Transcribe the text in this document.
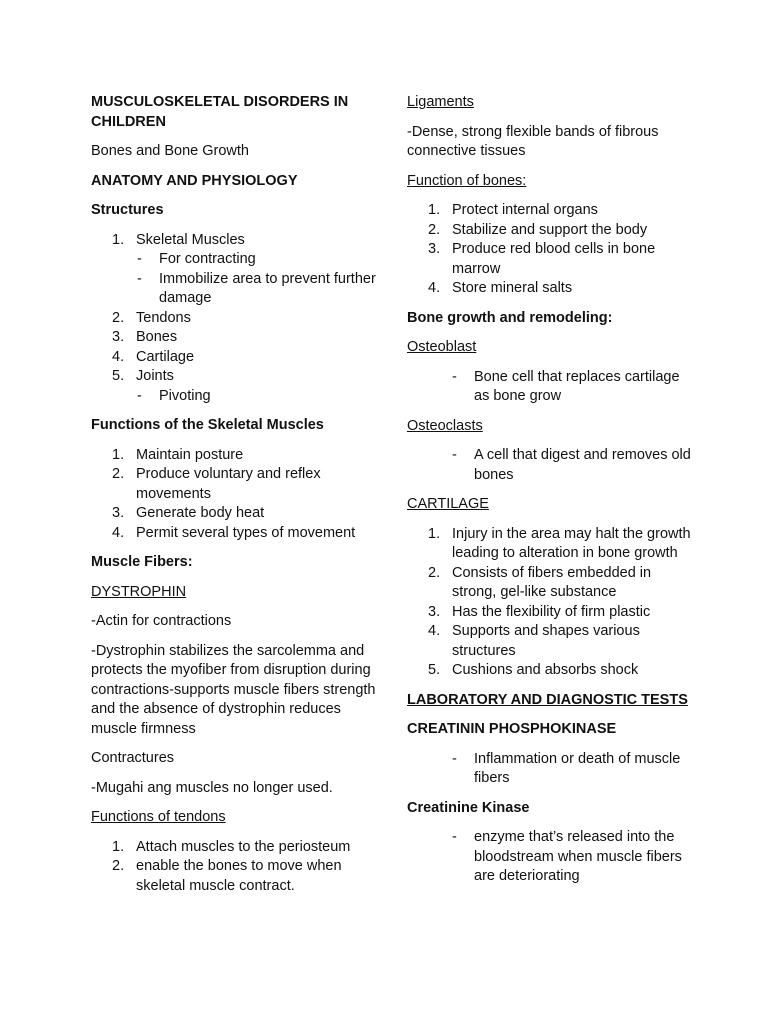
MUSCULOSKELETAL DISORDERS IN CHILDREN

Bones and Bone Growth

ANATOMY AND PHYSIOLOGY

Structures

1. Skeletal Muscles
- For contracting
- Immobilize area to prevent further damage
2. Tendons
3. Bones
4. Cartilage
5. Joints
- Pivoting

Functions of the Skeletal Muscles

1. Maintain posture
2. Produce voluntary and reflex movements
3. Generate body heat
4. Permit several types of movement

Muscle Fibers:

DYSTROPHIN

-Actin for contractions

-Dystrophin stabilizes the sarcolemma and protects the myofiber from disruption during contractions-supports muscle fibers strength and the absence of dystrophin reduces muscle firmness

Contractures

-Mugahi ang muscles no longer used.

Functions of tendons

1. Attach muscles to the periosteum
2. enable the bones to move when skeletal muscle contract.

Ligaments

-Dense, strong flexible bands of fibrous connective tissues

Function of bones:

1. Protect internal organs
2. Stabilize and support the body
3. Produce red blood cells in bone marrow
4. Store mineral salts

Bone growth and remodeling:

Osteoblast

- Bone cell that replaces cartilage as bone grow

Osteoclasts

- A cell that digest and removes old bones

CARTILAGE

1. Injury in the area may halt the growth leading to alteration in bone growth
2. Consists of fibers embedded in strong, gel-like substance
3. Has the flexibility of firm plastic
4. Supports and shapes various structures
5. Cushions and absorbs shock

LABORATORY AND DIAGNOSTIC TESTS

CREATININ PHOSPHOKINASE

- Inflammation or death of muscle fibers

Creatinine Kinase

- enzyme that’s released into the bloodstream when muscle fibers are deteriorating
